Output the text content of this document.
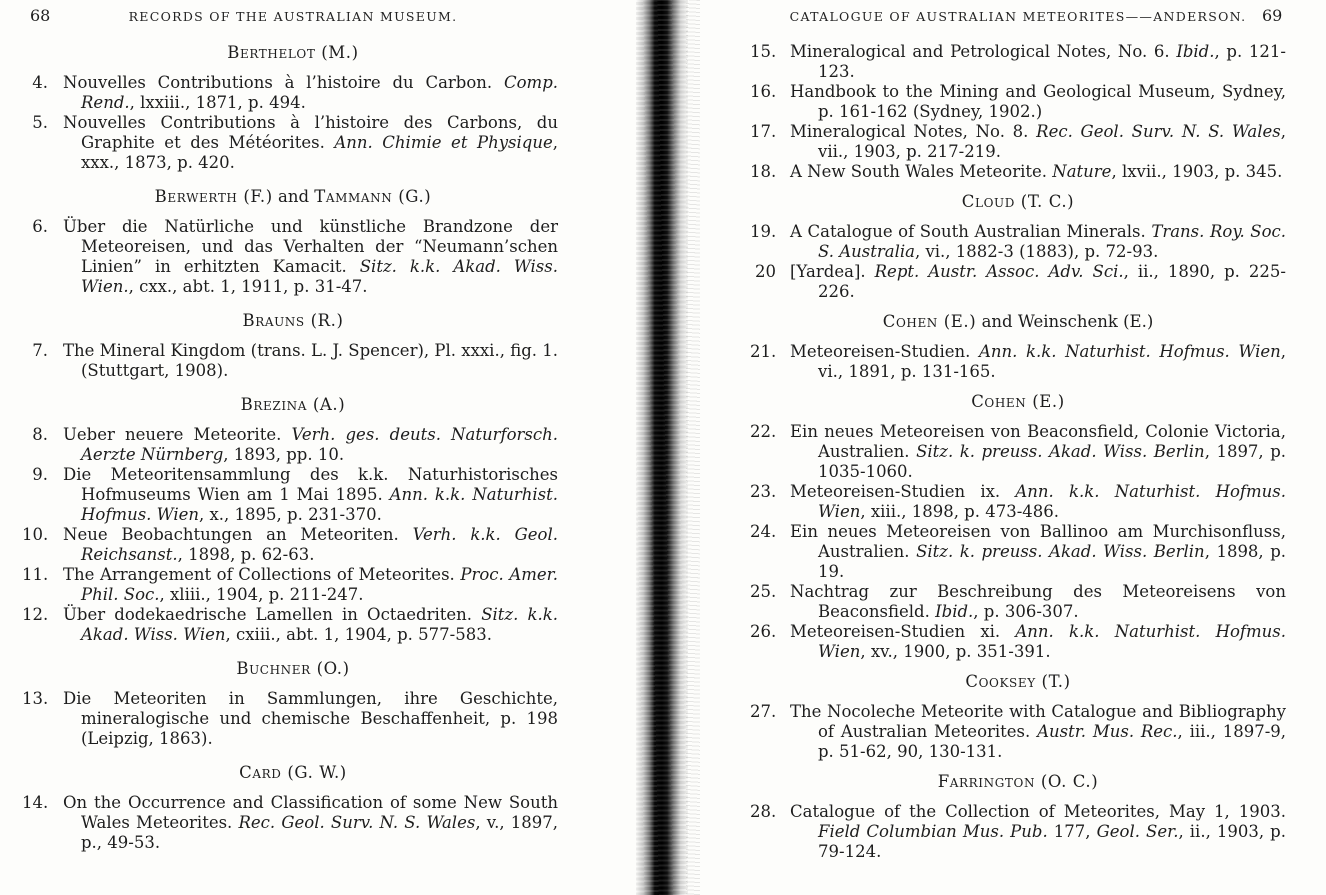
68	RECORDS OF THE AUSTRALIAN MUSEUM.	69
CATALOGUE OF AUSTRALIAN METEORITES——ANDERSON.
Berthelot (M.)
4. Nouvelles Contributions à l’histoire du Carbon. Comp. Rend., lxxiii., 1871, p. 494.
5. Nouvelles Contributions à l’histoire des Carbons, du Graphite et des Météorites. Ann. Chimie et Physique, xxx., 1873, p. 420.
Berwerth (F.) and Tammann (G.)
6. Über die Natürliche und künstliche Brandzone der Meteoreisen, und das Verhalten der “Neumann’schen Linien” in erhitzten Kamacit. Sitz. k.k. Akad. Wiss. Wien., cxx., abt. 1, 1911, p. 31-47.
Brauns (R.)
7. The Mineral Kingdom (trans. L. J. Spencer), Pl. xxxi., fig. 1. (Stuttgart, 1908).
Brezina (A.)
8. Ueber neuere Meteorite. Verh. ges. deuts. Naturforsch. Aerzte Nürnberg, 1893, pp. 10.
9. Die Meteoritensammlung des k.k. Naturhistorisches Hofmuseums Wien am 1 Mai 1895. Ann. k.k. Naturhist. Hofmus. Wien, x., 1895, p. 231-370.
10. Neue Beobachtungen an Meteoriten. Verh. k.k. Geol. Reichsanst., 1898, p. 62-63.
11. The Arrangement of Collections of Meteorites. Proc. Amer. Phil. Soc., xliii., 1904, p. 211-247.
12. Über dodekaedrische Lamellen in Octaedriten. Sitz. k.k. Akad. Wiss. Wien, cxiii., abt. 1, 1904, p. 577-583.
Buchner (O.)
13. Die Meteoriten in Sammlungen, ihre Geschichte, mineralogische und chemische Beschaffenheit, p. 198 (Leipzig, 1863).
Card (G. W.)
14. On the Occurrence and Classification of some New South Wales Meteorites. Rec. Geol. Surv. N. S. Wales, v., 1897, p., 49-53.
15. Mineralogical and Petrological Notes, No. 6. Ibid., p. 121-123.
16. Handbook to the Mining and Geological Museum, Sydney, p. 161-162 (Sydney, 1902.)
17. Mineralogical Notes, No. 8. Rec. Geol. Surv. N. S. Wales, vii., 1903, p. 217-219.
18. A New South Wales Meteorite. Nature, lxvii., 1903, p. 345.
Cloud (T. C.)
19. A Catalogue of South Australian Minerals. Trans. Roy. Soc. S. Australia, vi., 1882-3 (1883), p. 72-93.
20 [Yardea]. Rept. Austr. Assoc. Adv. Sci., ii., 1890, p. 225-226.
Cohen (E.) and Weinschenk (E.)
21. Meteoreisen-Studien. Ann. k.k. Naturhist. Hofmus. Wien, vi., 1891, p. 131-165.
Cohen (E.)
22. Ein neues Meteoreisen von Beaconsfield, Colonie Victoria, Australien. Sitz. k. preuss. Akad. Wiss. Berlin, 1897, p. 1035-1060.
23. Meteoreisen-Studien ix. Ann. k.k. Naturhist. Hofmus. Wien, xiii., 1898, p. 473-486.
24. Ein neues Meteoreisen von Ballinoo am Murchisonfluss, Australien. Sitz. k. preuss. Akad. Wiss. Berlin, 1898, p. 19.
25. Nachtrag zur Beschreibung des Meteoreisens von Beaconsfield. Ibid., p. 306-307.
26. Meteoreisen-Studien xi. Ann. k.k. Naturhist. Hofmus. Wien, xv., 1900, p. 351-391.
Cooksey (T.)
27. The Nocoleche Meteorite with Catalogue and Bibliography of Australian Meteorites. Austr. Mus. Rec., iii., 1897-9, p. 51-62, 90, 130-131.
Farrington (O. C.)
28. Catalogue of the Collection of Meteorites, May 1, 1903. Field Columbian Mus. Pub. 177, Geol. Ser., ii., 1903, p. 79-124.
